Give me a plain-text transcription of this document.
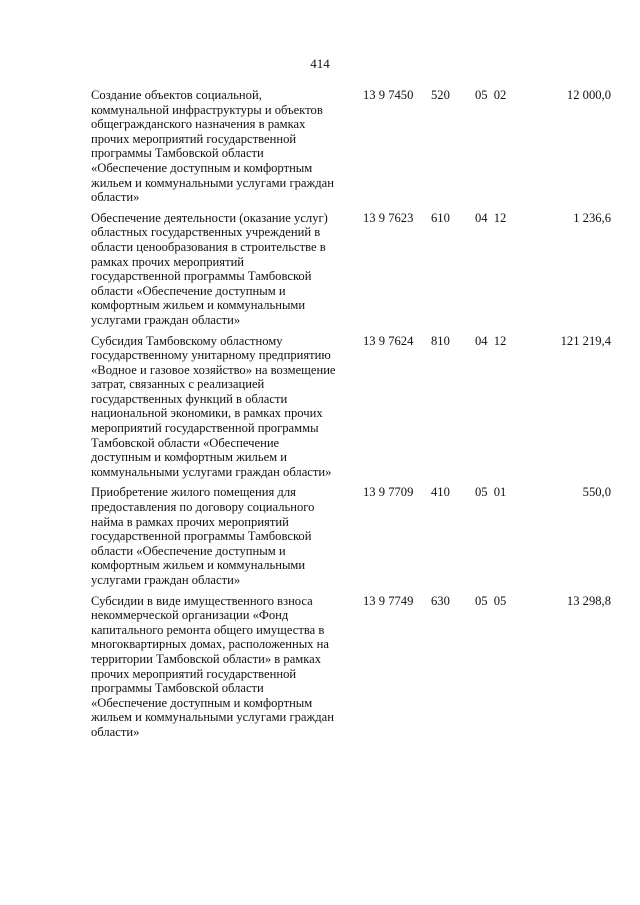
414
Создание объектов социальной,
коммунальной инфраструктуры и объектов
общегражданского назначения в рамках
прочих мероприятий государственной
программы Тамбовской области
«Обеспечение доступным и комфортным
жильем и коммунальными услугами граждан
области»
13 9 7450	520	05 02	12 000,0
Обеспечение деятельности (оказание услуг)
областных государственных учреждений в
области ценообразования в строительстве в
рамках прочих мероприятий
государственной программы Тамбовской
области «Обеспечение доступным и
комфортным жильем и коммунальными
услугами граждан области»
13 9 7623	610	04 12	1 236,6
Субсидия Тамбовскому областному
государственному унитарному предприятию
«Водное и газовое хозяйство» на возмещение
затрат, связанных с реализацией
государственных функций в области
национальной экономики, в рамках прочих
мероприятий государственной программы
Тамбовской области «Обеспечение
доступным и комфортным жильем и
коммунальными услугами граждан области»
13 9 7624	810	04 12	121 219,4
Приобретение жилого помещения для
предоставления по договору социального
найма в рамках прочих мероприятий
государственной программы Тамбовской
области «Обеспечение доступным и
комфортным жильем и коммунальными
услугами граждан области»
13 9 7709	410	05 01	550,0
Субсидии в виде имущественного взноса
некоммерческой организации «Фонд
капитального ремонта общего имущества в
многоквартирных домах, расположенных на
территории Тамбовской области» в рамках
прочих мероприятий государственной
программы Тамбовской области
«Обеспечение доступным и комфортным
жильем и коммунальными услугами граждан
области»
13 9 7749	630	05 05	13 298,8
